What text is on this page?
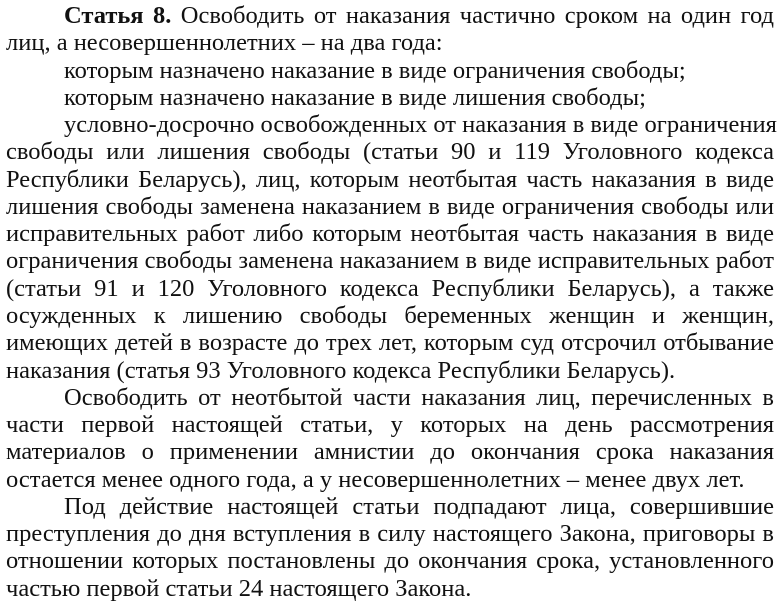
Статья 8. Освободить от наказания частично сроком на один год
лиц, а несовершеннолетних – на два года:
которым назначено наказание в виде ограничения свободы;
которым назначено наказание в виде лишения свободы;
условно-досрочно освобожденных от наказания в виде ограничения
свободы или лишения свободы (статьи 90 и 119 Уголовного кодекса
Республики Беларусь), лиц, которым неотбытая часть наказания в виде
лишения свободы заменена наказанием в виде ограничения свободы или
исправительных работ либо которым неотбытая часть наказания в виде
ограничения свободы заменена наказанием в виде исправительных работ
(статьи 91 и 120 Уголовного кодекса Республики Беларусь), а также
осужденных к лишению свободы беременных женщин и женщин,
имеющих детей в возрасте до трех лет, которым суд отсрочил отбывание
наказания (статья 93 Уголовного кодекса Республики Беларусь).
Освободить от неотбытой части наказания лиц, перечисленных в
части первой настоящей статьи, у которых на день рассмотрения
материалов о применении амнистии до окончания срока наказания
остается менее одного года, а у несовершеннолетних – менее двух лет.
Под действие настоящей статьи подпадают лица, совершившие
преступления до дня вступления в силу настоящего Закона, приговоры в
отношении которых постановлены до окончания срока, установленного
частью первой статьи 24 настоящего Закона.
